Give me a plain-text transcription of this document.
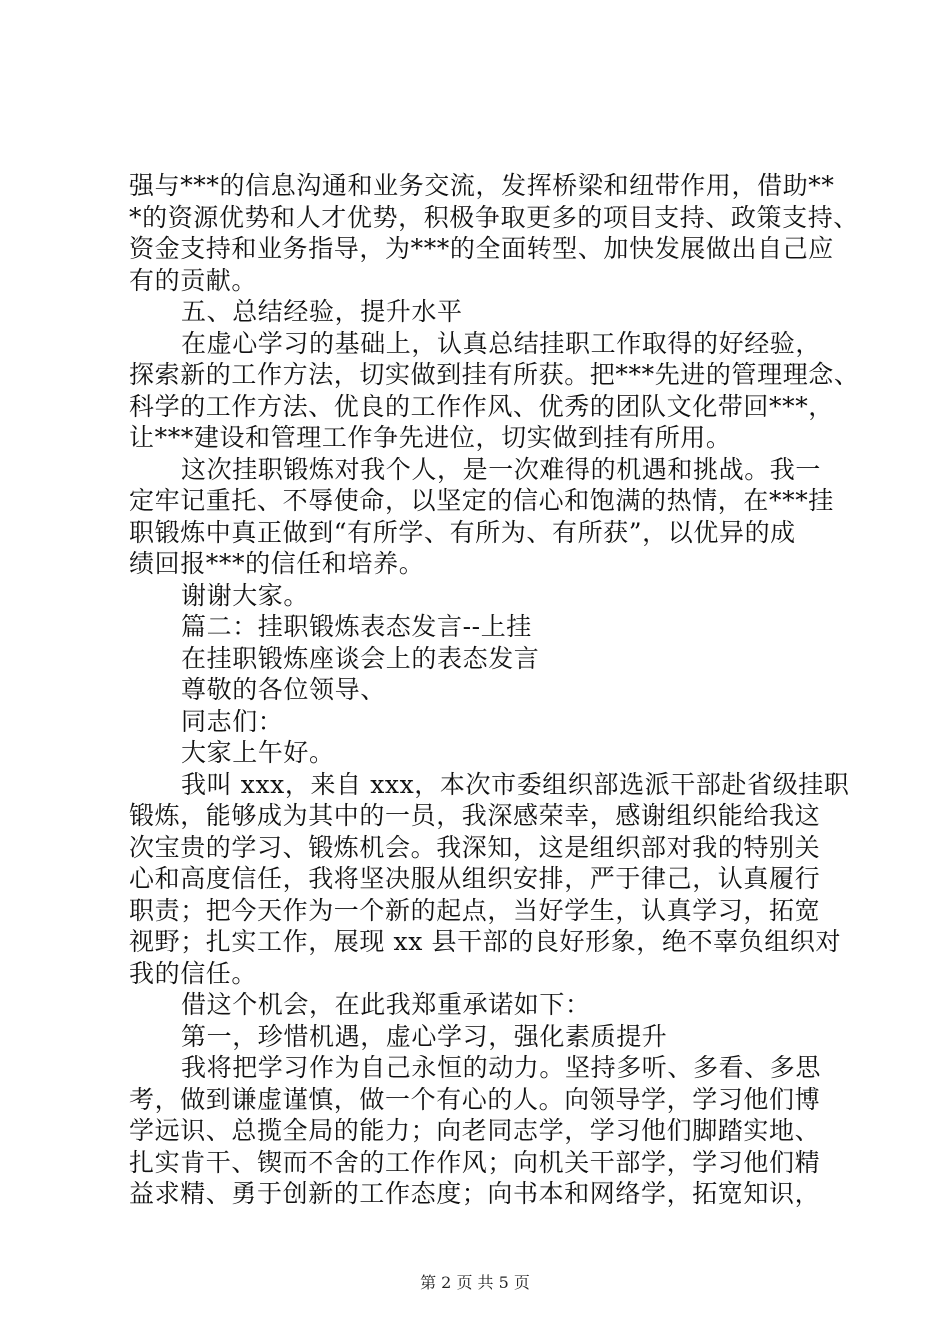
强与***的信息沟通和业务交流，发挥桥梁和纽带作用，借助**
*的资源优势和人才优势，积极争取更多的项目支持、政策支持、
资金支持和业务指导，为***的全面转型、加快发展做出自己应
有的贡献。
五、总结经验，提升水平
在虚心学习的基础上，认真总结挂职工作取得的好经验，
探索新的工作方法，切实做到挂有所获。把***先进的管理理念、
科学的工作方法、优良的工作作风、优秀的团队文化带回***，
让***建设和管理工作争先进位，切实做到挂有所用。
这次挂职锻炼对我个人，是一次难得的机遇和挑战。我一
定牢记重托、不辱使命，以坚定的信心和饱满的热情，在***挂
职锻炼中真正做到“有所学、有所为、有所获”，以优异的成
绩回报***的信任和培养。
谢谢大家。
篇二：挂职锻炼表态发言--上挂
在挂职锻炼座谈会上的表态发言
尊敬的各位领导、
同志们：
大家上午好。
我叫 xxx，来自 xxx，本次市委组织部选派干部赴省级挂职
锻炼，能够成为其中的一员，我深感荣幸，感谢组织能给我这
次宝贵的学习、锻炼机会。我深知，这是组织部对我的特别关
心和高度信任，我将坚决服从组织安排，严于律己，认真履行
职责；把今天作为一个新的起点，当好学生，认真学习，拓宽
视野；扎实工作，展现 xx 县干部的良好形象，绝不辜负组织对
我的信任。
借这个机会，在此我郑重承诺如下：
第一，珍惜机遇，虚心学习，强化素质提升
我将把学习作为自己永恒的动力。坚持多听、多看、多思
考，做到谦虚谨慎，做一个有心的人。向领导学，学习他们博
学远识、总揽全局的能力；向老同志学，学习他们脚踏实地、
扎实肯干、锲而不舍的工作作风；向机关干部学，学习他们精
益求精、勇于创新的工作态度；向书本和网络学，拓宽知识，
第 2 页 共 5 页
